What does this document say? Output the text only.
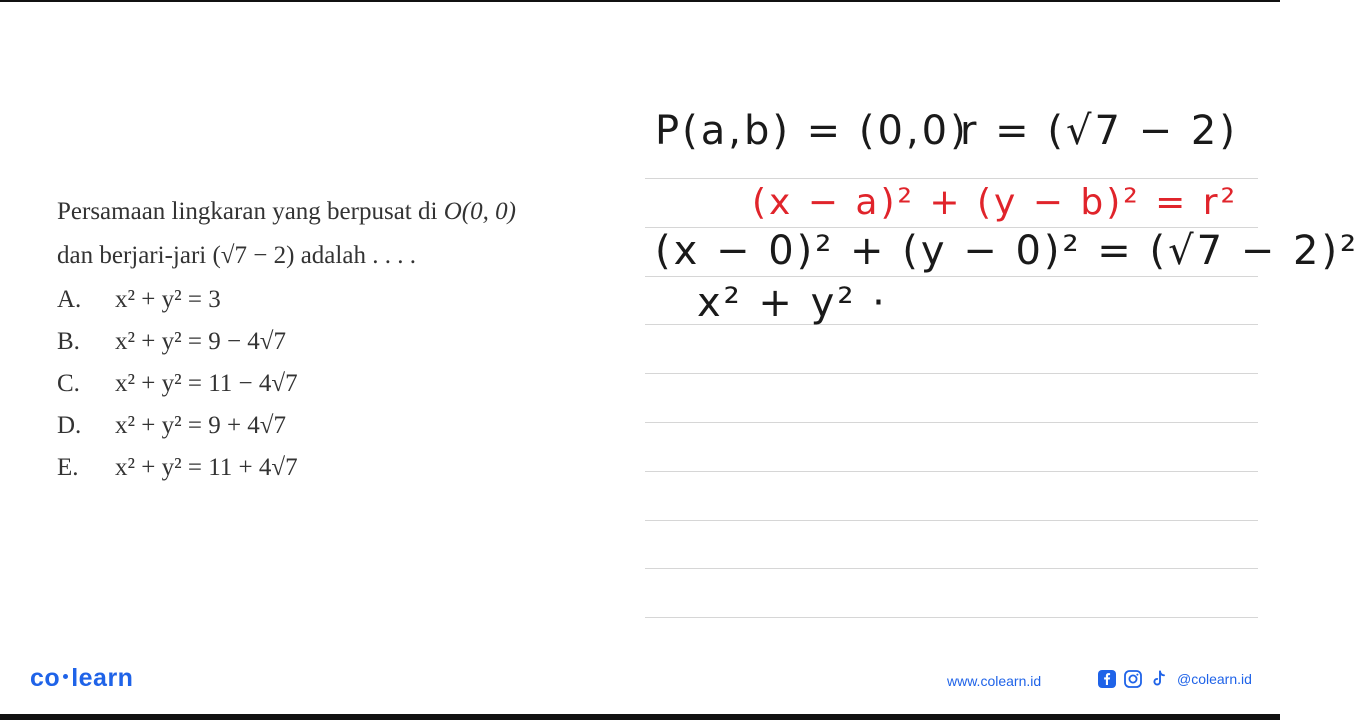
Persamaan lingkaran yang berpusat di O(0, 0)
dan berjari-jari (√7 − 2) adalah . . . .
A.	x² + y² = 3
B.	x² + y² = 9 − 4√7
C.	x² + y² = 11 − 4√7
D.	x² + y² = 9 + 4√7
E.	x² + y² = 11 + 4√7
P(a,b) = (0,0)
r = (√7 − 2)
(x − a)² + (y − b)² = r²
(x − 0)² + (y − 0)² = (√7 − 2)²
x² + y² ·
co learn	www.colearn.id	@colearn.id
